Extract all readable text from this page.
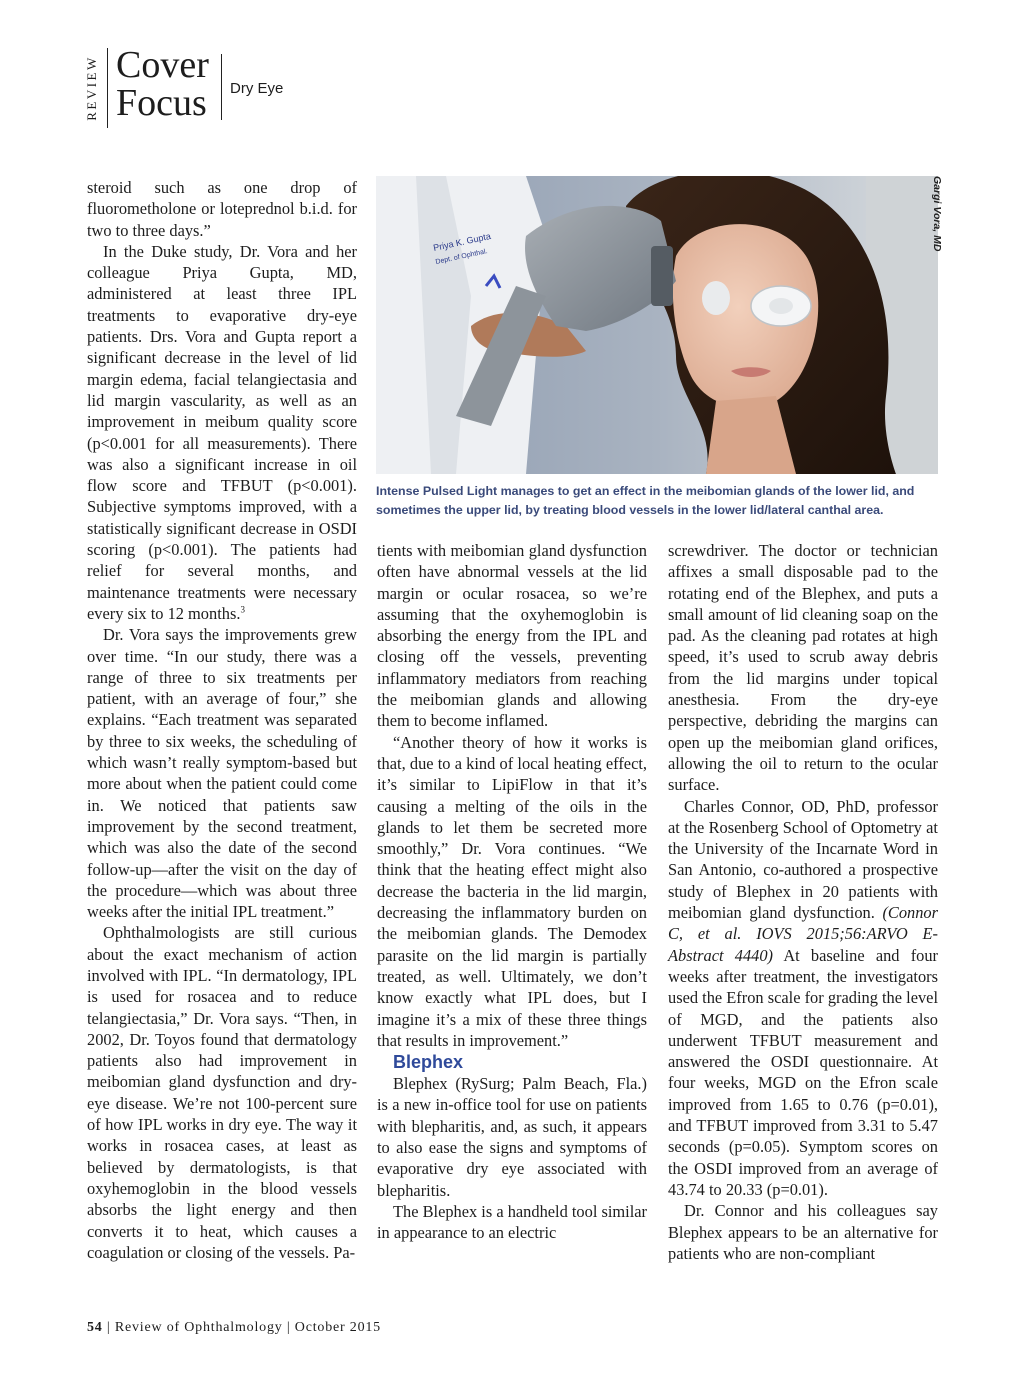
REVIEW Cover
Focus Dry Eye
Priya K. Gupta
Dept. of Ophthal.
Gargi Vora, MD

Intense Pulsed Light manages to get an effect in the meibomian glands of the lower lid, and sometimes the upper lid, by treating blood vessels in the lower lid/lateral canthal area.

steroid such as one drop of fluorometholone or loteprednol b.i.d. for two to three days.”

In the Duke study, Dr. Vora and her colleague Priya Gupta, MD, administered at least three IPL treatments to evaporative dry-eye patients. Drs. Vora and Gupta report a significant decrease in the level of lid margin edema, facial telangiectasia and lid margin vascularity, as well as an improvement in meibum quality score (p<0.001 for all measurements). There was also a significant increase in oil flow score and TFBUT (p<0.001). Subjective symptoms improved, with a statistically significant decrease in OSDI scoring (p<0.001). The patients had relief for several months, and maintenance treatments were necessary every six to 12 months.$^3$

Dr. Vora says the improvements grew over time. “In our study, there was a range of three to six treatments per patient, with an average of four,” she explains. “Each treatment was separated by three to six weeks, the scheduling of which wasn’t really symptom-based but more about when the patient could come in. We noticed that patients saw improvement by the second treatment, which was also the date of the second follow-up—after the visit on the day of the procedure—which was about three weeks after the initial IPL treatment.”

Ophthalmologists are still curious about the exact mechanism of action involved with IPL. “In dermatology, IPL is used for rosacea and to reduce telangiectasia,” Dr. Vora says. “Then, in 2002, Dr. Toyos found that dermatology patients also had improvement in meibomian gland dysfunction and dry-eye disease. We’re not 100-percent sure of how IPL works in dry eye. The way it works in rosacea cases, at least as believed by dermatologists, is that oxyhemoglobin in the blood vessels absorbs the light energy and then converts it to heat, which causes a coagulation or closing of the vessels. Pa-

tients with meibomian gland dysfunction often have abnormal vessels at the lid margin or ocular rosacea, so we’re assuming that the oxyhemoglobin is absorbing the energy from the IPL and closing off the vessels, preventing inflammatory mediators from reaching the meibomian glands and allowing them to become inflamed.

“Another theory of how it works is that, due to a kind of local heating effect, it’s similar to LipiFlow in that it’s causing a melting of the oils in the glands to let them be secreted more smoothly,” Dr. Vora continues. “We think that the heating effect might also decrease the bacteria in the lid margin, decreasing the inflammatory burden on the meibomian glands. The Demodex parasite on the lid margin is partially treated, as well. Ultimately, we don’t know exactly what IPL does, but I imagine it’s a mix of these three things that results in improvement.”

Blephex

Blephex (RySurg; Palm Beach, Fla.) is a new in-office tool for use on patients with blepharitis, and, as such, it appears to also ease the signs and symptoms of evaporative dry eye associated with blepharitis.

The Blephex is a handheld tool similar in appearance to an electric

screwdriver. The doctor or technician affixes a small disposable pad to the rotating end of the Blephex, and puts a small amount of lid cleaning soap on the pad. As the cleaning pad rotates at high speed, it’s used to scrub away debris from the lid margins under topical anesthesia. From the dry-eye perspective, debriding the margins can open up the meibomian gland orifices, allowing the oil to return to the ocular surface.

Charles Connor, OD, PhD, professor at the Rosenberg School of Optometry at the University of the Incarnate Word in San Antonio, co-authored a prospective study of Blephex in 20 patients with meibomian gland dysfunction. (Connor C, et al. IOVS 2015;56:ARVO E-Abstract 4440) At baseline and four weeks after treatment, the investigators used the Efron scale for grading the level of MGD, and the patients also underwent TFBUT measurement and answered the OSDI questionnaire. At four weeks, MGD on the Efron scale improved from 1.65 to 0.76 (p=0.01), and TFBUT improved from 3.31 to 5.47 seconds (p=0.05). Symptom scores on the OSDI improved from an average of 43.74 to 20.33 (p=0.01).

Dr. Connor and his colleagues say Blephex appears to be an alternative for patients who are non-compliant

54 | Review of Ophthalmology | October 2015
